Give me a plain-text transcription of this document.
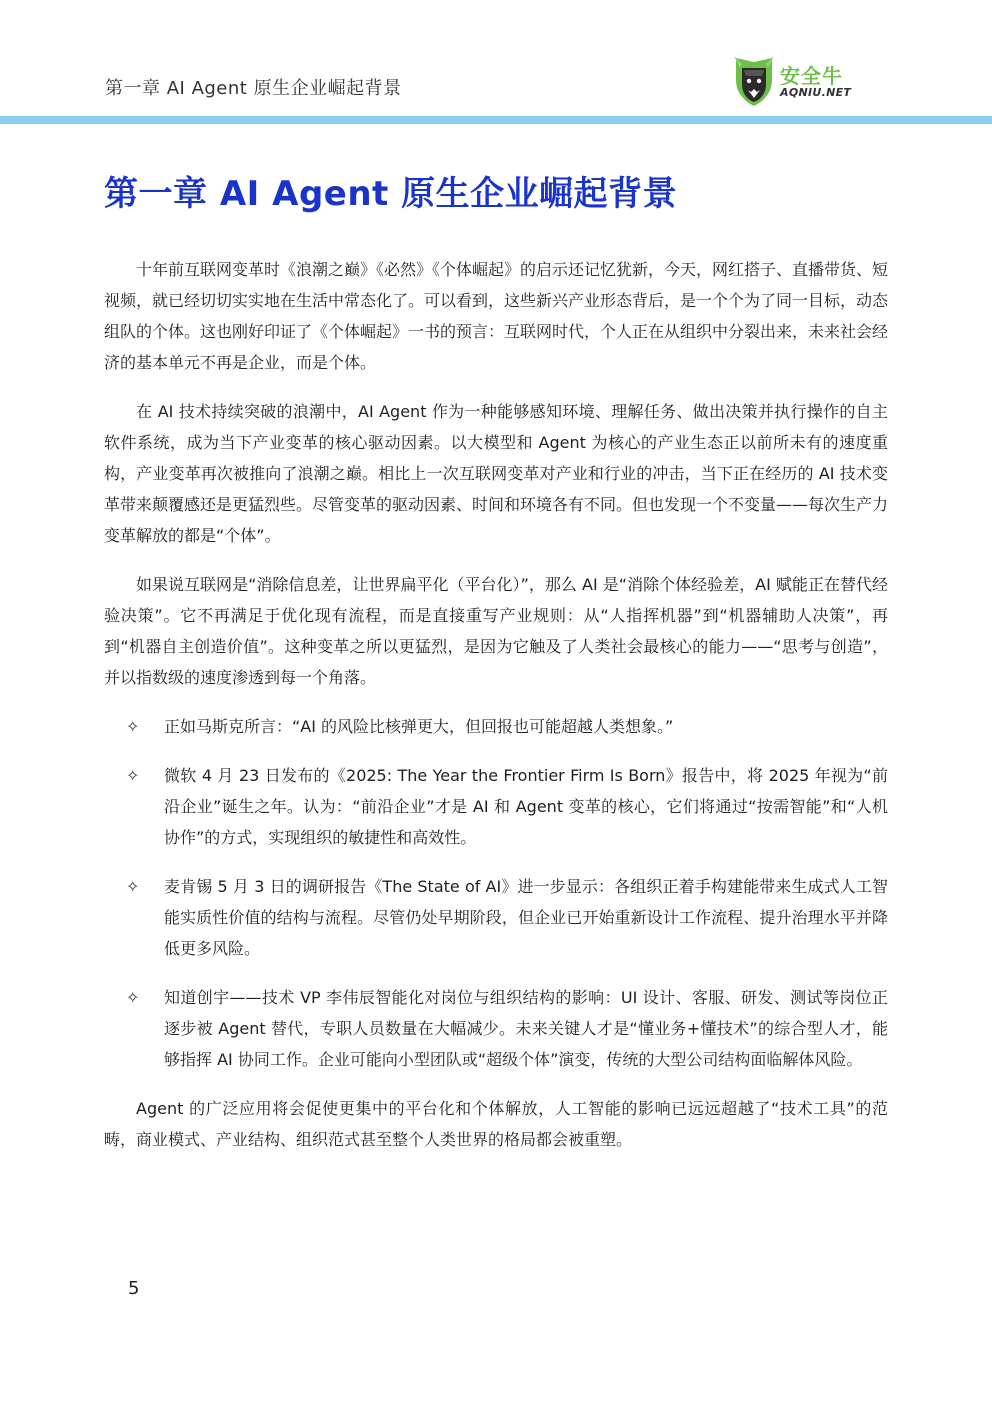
第一章 AI Agent 原生企业崛起背景
安全牛
AQNIU.NET
第一章 AI Agent 原生企业崛起背景

十年前互联网变革时《浪潮之巅》《必然》《个体崛起》的启示还记忆犹新，今天，网红搭子、直播带货、短视频，就已经切切实实地在生活中常态化了。可以看到，这些新兴产业形态背后，是一个个为了同一目标，动态组队的个体。这也刚好印证了《个体崛起》一书的预言：互联网时代，个人正在从组织中分裂出来，未来社会经济的基本单元不再是企业，而是个体。

在 AI 技术持续突破的浪潮中，AI Agent 作为一种能够感知环境、理解任务、做出决策并执行操作的自主软件系统，成为当下产业变革的核心驱动因素。以大模型和 Agent 为核心的产业生态正以前所未有的速度重构，产业变革再次被推向了浪潮之巅。相比上一次互联网变革对产业和行业的冲击，当下正在经历的 AI 技术变革带来颠覆感还是更猛烈些。尽管变革的驱动因素、时间和环境各有不同。但也发现一个不变量——每次生产力变革解放的都是“个体”。

如果说互联网是“消除信息差，让世界扁平化（平台化）”，那么 AI 是“消除个体经验差，AI 赋能正在替代经验决策”。它不再满足于优化现有流程，而是直接重写产业规则：从“人指挥机器”到“机器辅助人决策”，再到“机器自主创造价值”。这种变革之所以更猛烈，是因为它触及了人类社会最核心的能力——“思考与创造”，并以指数级的速度渗透到每一个角落。

✧ 正如马斯克所言：“AI 的风险比核弹更大，但回报也可能超越人类想象。”
✧ 微软 4 月 23 日发布的《2025: The Year the Frontier Firm Is Born》报告中，将 2025 年视为“前沿企业”诞生之年。认为：“前沿企业”才是 AI 和 Agent 变革的核心，它们将通过“按需智能”和“人机协作”的方式，实现组织的敏捷性和高效性。
✧ 麦肯锡 5 月 3 日的调研报告《The State of AI》进一步显示：各组织正着手构建能带来生成式人工智能实质性价值的结构与流程。尽管仍处早期阶段，但企业已开始重新设计工作流程、提升治理水平并降低更多风险。
✧ 知道创宇——技术 VP 李伟辰智能化对岗位与组织结构的影响：UI 设计、客服、研发、测试等岗位正逐步被 Agent 替代，专职人员数量在大幅减少。未来关键人才是“懂业务+懂技术”的综合型人才，能够指挥 AI 协同工作。企业可能向小型团队或“超级个体”演变，传统的大型公司结构面临解体风险。

Agent 的广泛应用将会促使更集中的平台化和个体解放，人工智能的影响已远远超越了“技术工具”的范畴，商业模式、产业结构、组织范式甚至整个人类世界的格局都会被重塑。

5
